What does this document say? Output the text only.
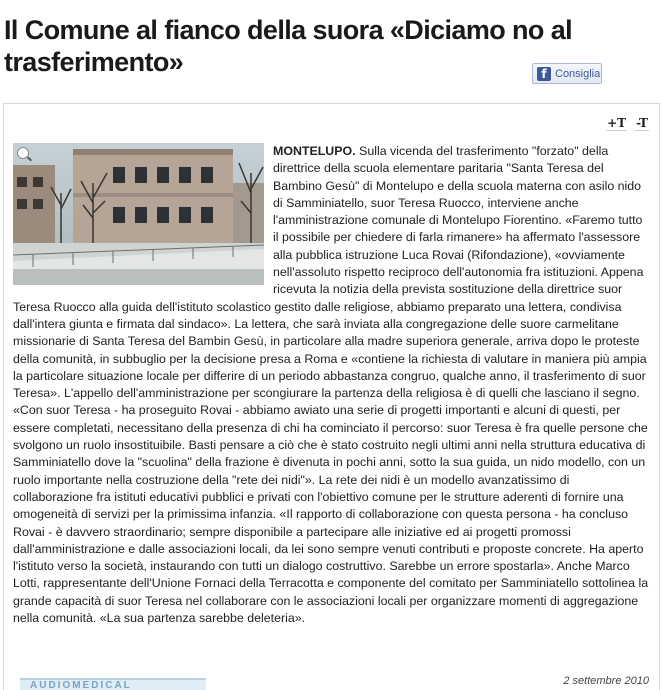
Il Comune al fianco della suora «Diciamo no al trasferimento»	f Consiglia
+T -T
MONTELUPO. Sulla vicenda del trasferimento "forzato" della direttrice della scuola elementare paritaria "Santa Teresa del Bambino Gesù" di Montelupo e della scuola materna con asilo nido di Samminiatello, suor Teresa Ruocco, interviene anche l'amministrazione comunale di Montelupo Fiorentino. «Faremo tutto il possibile per chiedere di farla rimanere» ha affermato l'assessore alla pubblica istruzione Luca Rovai (Rifondazione), «ovviamente nell'assoluto rispetto reciproco dell'autonomia fra istituzioni. Appena ricevuta la notizia della prevista sostituzione della direttrice suor Teresa Ruocco alla guida dell'istituto scolastico gestito dalle religiose, abbiamo preparato una lettera, condivisa dall'intera giunta e firmata dal sindaco». La lettera, che sarà inviata alla congregazione delle suore carmelitane missionarie di Santa Teresa del Bambin Gesù, in particolare alla madre superiora generale, arriva dopo le proteste della comunità, in subbuglio per la decisione presa a Roma e «contiene la richiesta di valutare in maniera più ampia la particolare situazione locale per differire di un periodo abbastanza congruo, qualche anno, il trasferimento di suor Teresa». L'appello dell'amministrazione per scongiurare la partenza della religiosa è di quelli che lasciano il segno. «Con suor Teresa - ha proseguito Rovai - abbiamo awiato una serie di progetti importanti e alcuni di questi, per essere completati, necessitano della presenza di chi ha cominciato il percorso: suor Teresa è fra quelle persone che svolgono un ruolo insostituibile. Basti pensare a ciò che è stato costruito negli ultimi anni nella struttura educativa di Samminiatello dove la "scuolina" della frazione è divenuta in pochi anni, sotto la sua guida, un nido modello, con un ruolo importante nella costruzione della "rete dei nidi"». La rete dei nidi è un modello avanzatissimo di collaborazione fra istituti educativi pubblici e privati con l'obiettivo comune per le strutture aderenti di fornire una omogeneità di servizi per la primissima infanzia. «Il rapporto di collaborazione con questa persona - ha concluso Rovai - è davvero straordinario; sempre disponibile a partecipare alle iniziative ed ai progetti promossi dall'amministrazione e dalle associazioni locali, da lei sono sempre venuti contributi e proposte concrete. Ha aperto l'istituto verso la società, instaurando con tutti un dialogo costruttivo. Sarebbe un errore spostarla». Anche Marco Lotti, rappresentante dell'Unione Fornaci della Terracotta e componente del comitato per Samminiatello sottolinea la grande capacità di suor Teresa nel collaborare con le associazioni locali per organizzare momenti di aggregazione nella comunità. «La sua partenza sarebbe deleteria».
AUDIOMEDICAL	2 settembre 2010
